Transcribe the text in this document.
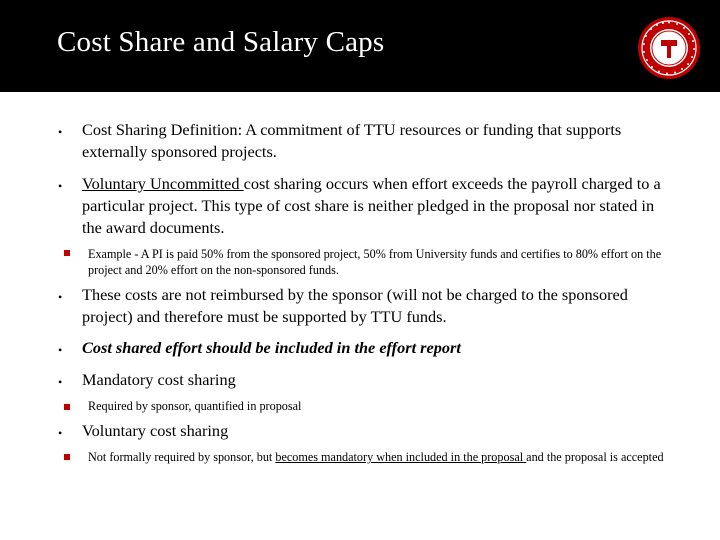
Cost Share and Salary Caps
• Cost Sharing Definition: A commitment of TTU resources or funding that supports externally sponsored projects.
• Voluntary Uncommitted cost sharing occurs when effort exceeds the payroll charged to a particular project. This type of cost share is neither pledged in the proposal nor stated in the award documents.
Example - A PI is paid 50% from the sponsored project, 50% from University funds and certifies to 80% effort on the project and 20% effort on the non-sponsored funds.
• These costs are not reimbursed by the sponsor (will not be charged to the sponsored project) and therefore must be supported by TTU funds.
• Cost shared effort should be included in the effort report
• Mandatory cost sharing
Required by sponsor, quantified in proposal
• Voluntary cost sharing
Not formally required by sponsor, but becomes mandatory when included in the proposal and the proposal is accepted
